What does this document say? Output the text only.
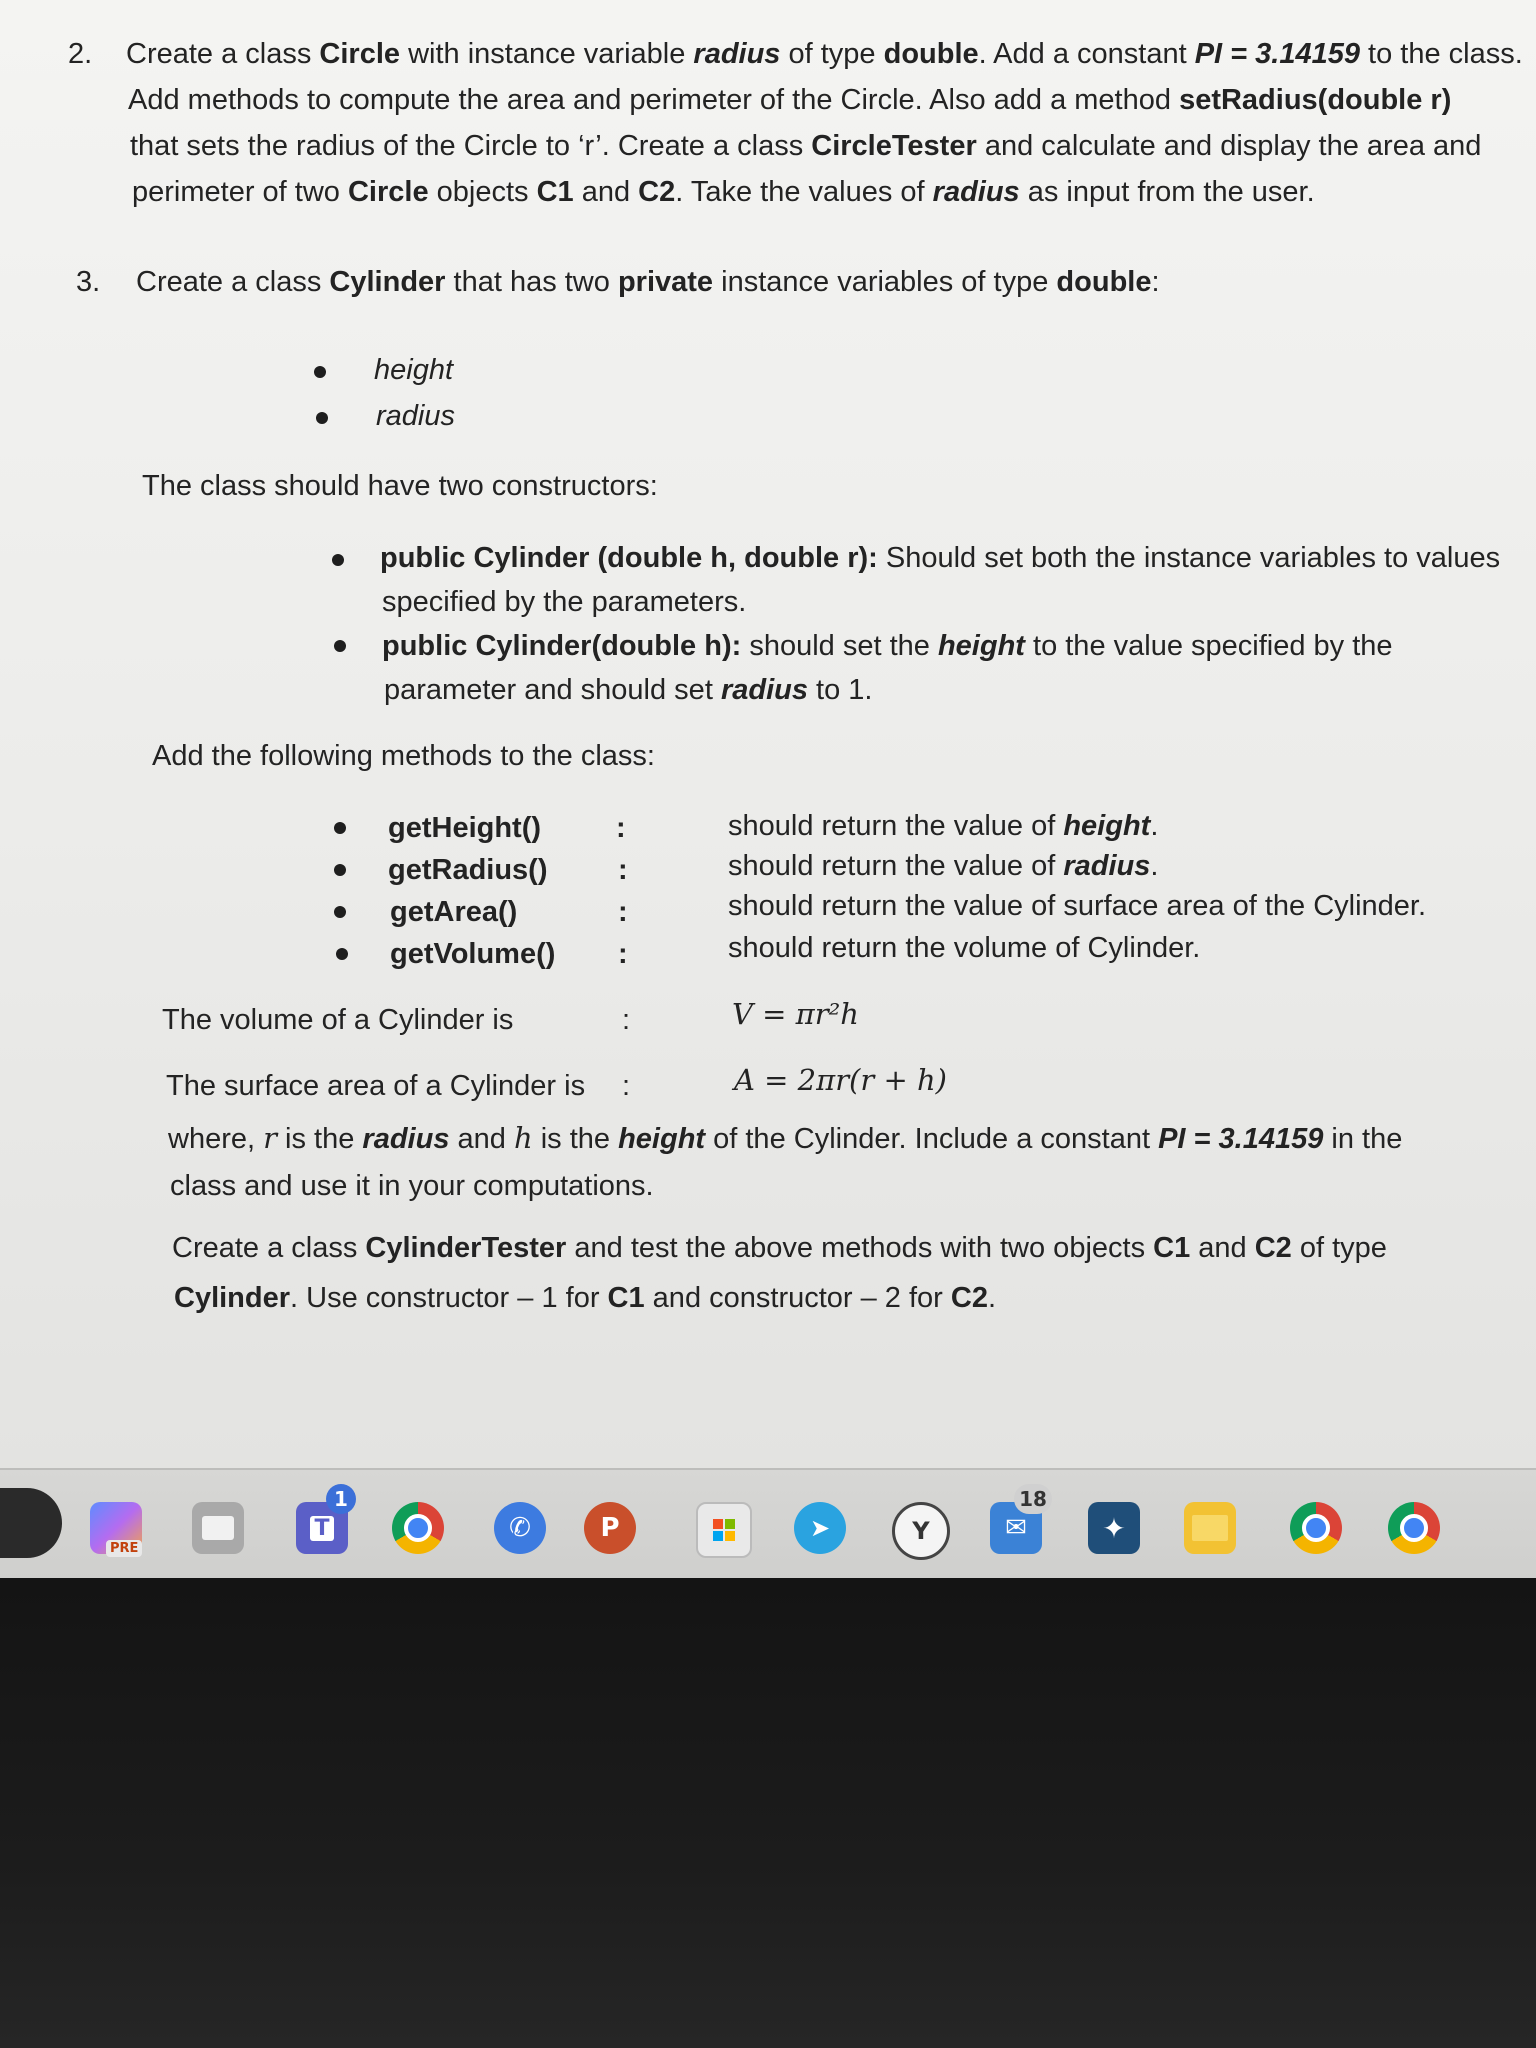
2. Create a class Circle with instance variable radius of type double. Add a constant PI = 3.14159 to the class.
Add methods to compute the area and perimeter of the Circle. Also add a method setRadius(double r)
that sets the radius of the Circle to ‘r’. Create a class CircleTester and calculate and display the area and
perimeter of two Circle objects C1 and C2. Take the values of radius as input from the user.
3. Create a class Cylinder that has two private instance variables of type double:
height
radius
The class should have two constructors:
public Cylinder (double h, double r): Should set both the instance variables to values
specified by the parameters.
public Cylinder(double h): should set the height to the value specified by the
parameter and should set radius to 1.
Add the following methods to the class:
getHeight()	:	should return the value of height.
getRadius() :	should return the value of radius.
getArea()	:	should return the value of surface area of the Cylinder.
getVolume() :	should return the volume of Cylinder.
The volume of a Cylinder is	:	V = πr²h
The surface area of a Cylinder is :	A = 2πr(r + h)
where, r is the radius and h is the height of the Cylinder. Include a constant PI = 3.14159 in the
class and use it in your computations.
Create a class CylinderTester and test the above methods with two objects C1 and C2 of type
Cylinder. Use constructor – 1 for C1 and constructor – 2 for C2.
PRE
T
1
✆	P	➤	Y	✉
18
✦
